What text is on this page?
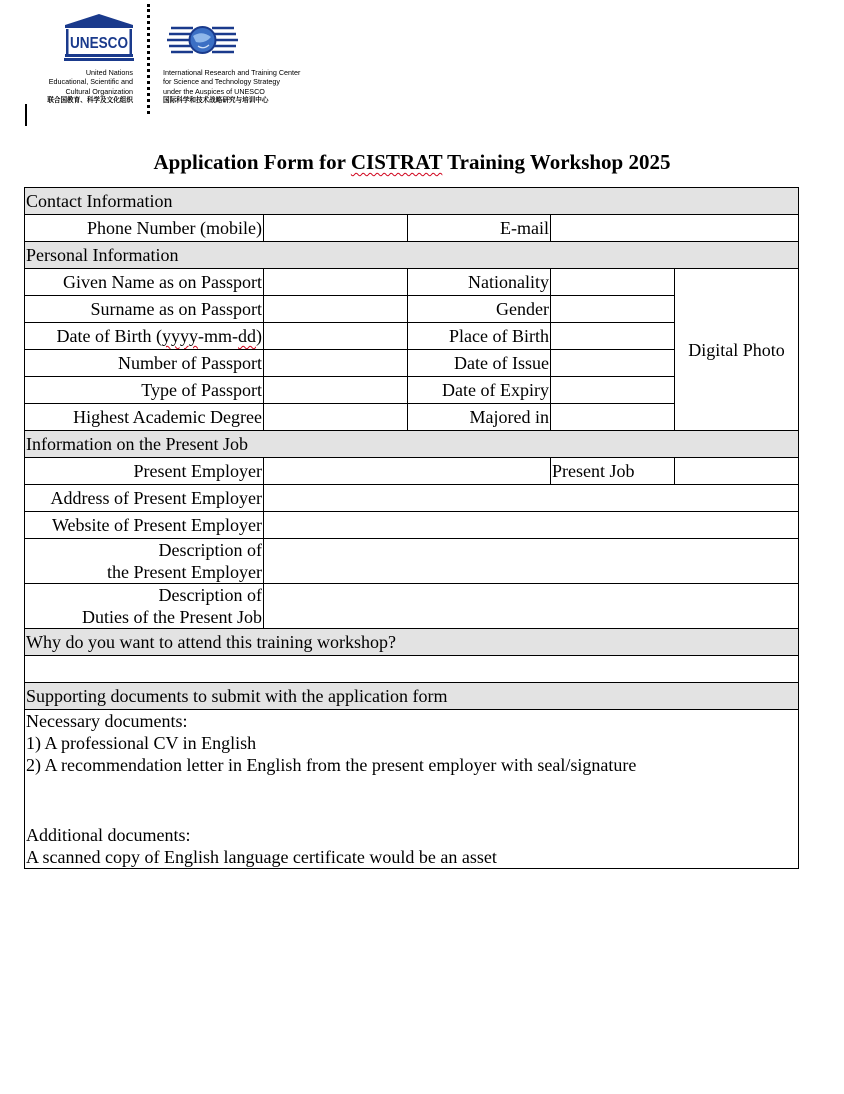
UNESCO
United Nations
Educational, Scientific and
Cultural Organization
联合国教育、科学及文化组织
International Research and Training Center
for Science and Technology Strategy
under the Auspices of UNESCO
国际科学和技术战略研究与培训中心
Application Form for CISTRAT Training Workshop 2025
Contact Information				
Phone Number (mobile)		E-mail		
Personal Information				
Given Name as on Passport		Nationality		Digital Photo
Surname as on Passport		Gender		
Date of Birth (yyyy-mm-dd)		Place of Birth		
Number of Passport		Date of Issue		
Type of Passport		Date of Expiry		
Highest Academic Degree		Majored in		
Information on the Present Job				
Present Employer			Present Job	
Address of Present Employer				
Website of Present Employer				
Description of
the Present Employer				
Description of
Duties of the Present Job				
Why do you want to attend this training workshop?				

Supporting documents to submit with the application form				

Necessary documents:
1) A professional CV in English
2) A recommendation letter in English from the present employer with seal/signature
Additional documents:
A scanned copy of English language certificate would be an asset				
